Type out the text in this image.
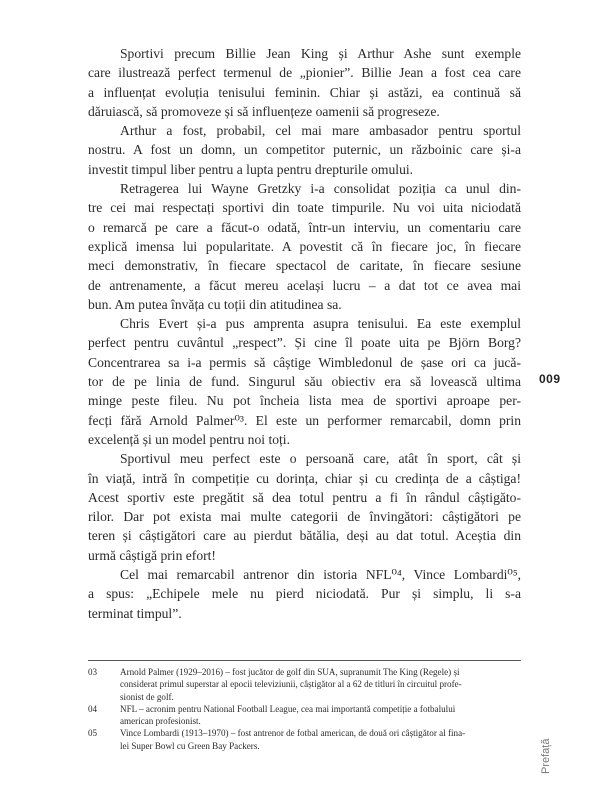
Sportivi precum Billie Jean King și Arthur Ashe sunt exemple
care ilustrează perfect termenul de „pionier”. Billie Jean a fost cea care
a influențat evoluția tenisului feminin. Chiar și astăzi, ea continuă să
dăruiască, să promoveze și să influențeze oamenii să progreseze.

Arthur a fost, probabil, cel mai mare ambasador pentru sportul
nostru. A fost un domn, un competitor puternic, un războinic care și-a
investit timpul liber pentru a lupta pentru drepturile omului.

Retragerea lui Wayne Gretzky i-a consolidat poziția ca unul din-
tre cei mai respectați sportivi din toate timpurile. Nu voi uita niciodată
o remarcă pe care a făcut-o odată, într-un interviu, un comentariu care
explică imensa lui popularitate. A povestit că în fiecare joc, în fiecare
meci demonstrativ, în fiecare spectacol de caritate, în fiecare sesiune
de antrenamente, a făcut mereu același lucru – a dat tot ce avea mai
bun. Am putea învăța cu toții din atitudinea sa.

Chris Evert și-a pus amprenta asupra tenisului. Ea este exemplul
perfect pentru cuvântul „respect”. Și cine îl poate uita pe Björn Borg?
Concentrarea sa i-a permis să câștige Wimbledonul de șase ori ca jucă-
tor de pe linia de fund. Singurul său obiectiv era să lovească ultima
minge peste fileu. Nu pot încheia lista mea de sportivi aproape per-
fecți fără Arnold Palmer⁰³. El este un performer remarcabil, domn prin
excelență și un model pentru noi toți.

Sportivul meu perfect este o persoană care, atât în sport, cât și
în viață, intră în competiție cu dorința, chiar și cu credința de a câștiga!
Acest sportiv este pregătit să dea totul pentru a fi în rândul câștigăto-
rilor. Dar pot exista mai multe categorii de învingători: câștigători pe
teren și câștigători care au pierdut bătălia, deși au dat totul. Aceștia din
urmă câștigă prin efort!

Cel mai remarcabil antrenor din istoria NFL⁰⁴, Vince Lombardi⁰⁵,
a spus: „Echipele mele nu pierd niciodată. Pur și simplu, li s-a
terminat timpul”.

009
03	Arnold Palmer (1929–2016) – fost jucător de golf din SUA, supranumit The King (Regele) și
considerat primul superstar al epocii televiziunii, câștigător al a 62 de titluri în circuitul profe-
sionist de golf.
04	NFL – acronim pentru National Football League, cea mai importantă competiție a fotbalului
american profesionist.
05	Vince Lombardi (1913–1970) – fost antrenor de fotbal american, de două ori câștigător al fina-
lei Super Bowl cu Green Bay Packers.	Prefață
